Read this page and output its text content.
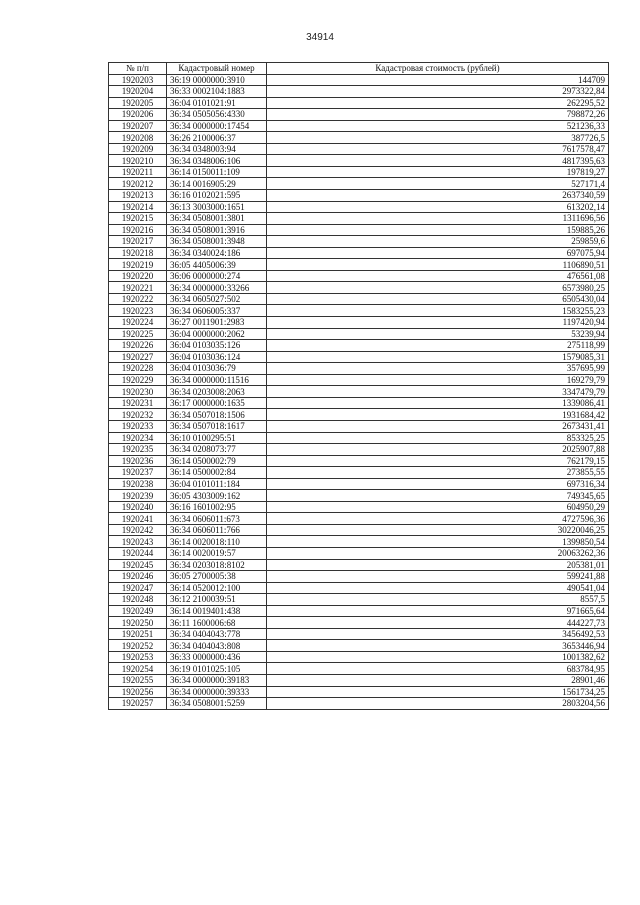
34914
№ п/п	Кадастровый номер	Кадастровая стоимость (рублей)
1920203	36:19 0000000:3910	144709
1920204	36:33 0002104:1883	2973322,84
1920205	36:04 0101021:91	262295,52
1920206	36:34 0505056:4330	798872,26
1920207	36:34 0000000:17454	521236,33
1920208	36:26 2100006:37	387726,5
1920209	36:34 0348003:94	7617578,47
1920210	36:34 0348006:106	4817395,63
1920211	36:14 0150011:109	197819,27
1920212	36:14 0016905:29	527171,4
1920213	36:16 0102021:595	2637340,59
1920214	36:13 3003000:1651	613202,14
1920215	36:34 0508001:3801	1311696,56
1920216	36:34 0508001:3916	159885,26
1920217	36:34 0508001:3948	259859,6
1920218	36:34 0340024:186	697075,94
1920219	36:05 4405006:39	1106890,51
1920220	36:06 0000000:274	476561,08
1920221	36:34 0000000:33266	6573980,25
1920222	36:34 0605027:502	6505430,04
1920223	36:34 0606005:337	1583255,23
1920224	36:27 0011901:2983	1197420,94
1920225	36:04 0000000:2062	53239,94
1920226	36:04 0103035:126	275118,99
1920227	36:04 0103036:124	1579085,31
1920228	36:04 0103036:79	357695,99
1920229	36:34 0000000:11516	169279,79
1920230	36:34 0203008:2063	3347479,79
1920231	36:17 0000000:1635	1339086,41
1920232	36:34 0507018:1506	1931684,42
1920233	36:34 0507018:1617	2673431,41
1920234	36:10 0100295:51	853325,25
1920235	36:34 0208073:77	2025907,88
1920236	36:14 0500002:79	762179,15
1920237	36:14 0500002:84	273855,55
1920238	36:04 0101011:184	697316,34
1920239	36:05 4303009:162	749345,65
1920240	36:16 1601002:95	604950,29
1920241	36:34 0606011:673	4727596,36
1920242	36:34 0606011:766	30220046,25
1920243	36:14 0020018:110	1399850,54
1920244	36:14 0020019:57	20063262,36
1920245	36:34 0203018:8102	205381,01
1920246	36:05 2700005:38	599241,88
1920247	36:14 0520012:100	490541,04
1920248	36:12 2100039:51	8557,5
1920249	36:14 0019401:438	971665,64
1920250	36:11 1600006:68	444227,73
1920251	36:34 0404043:778	3456492,53
1920252	36:34 0404043:808	3653446,94
1920253	36:33 0000000:436	1001382,62
1920254	36:19 0101025:105	683784,95
1920255	36:34 0000000:39183	28901,46
1920256	36:34 0000000:39333	1561734,25
1920257	36:34 0508001:5259	2803204,56
